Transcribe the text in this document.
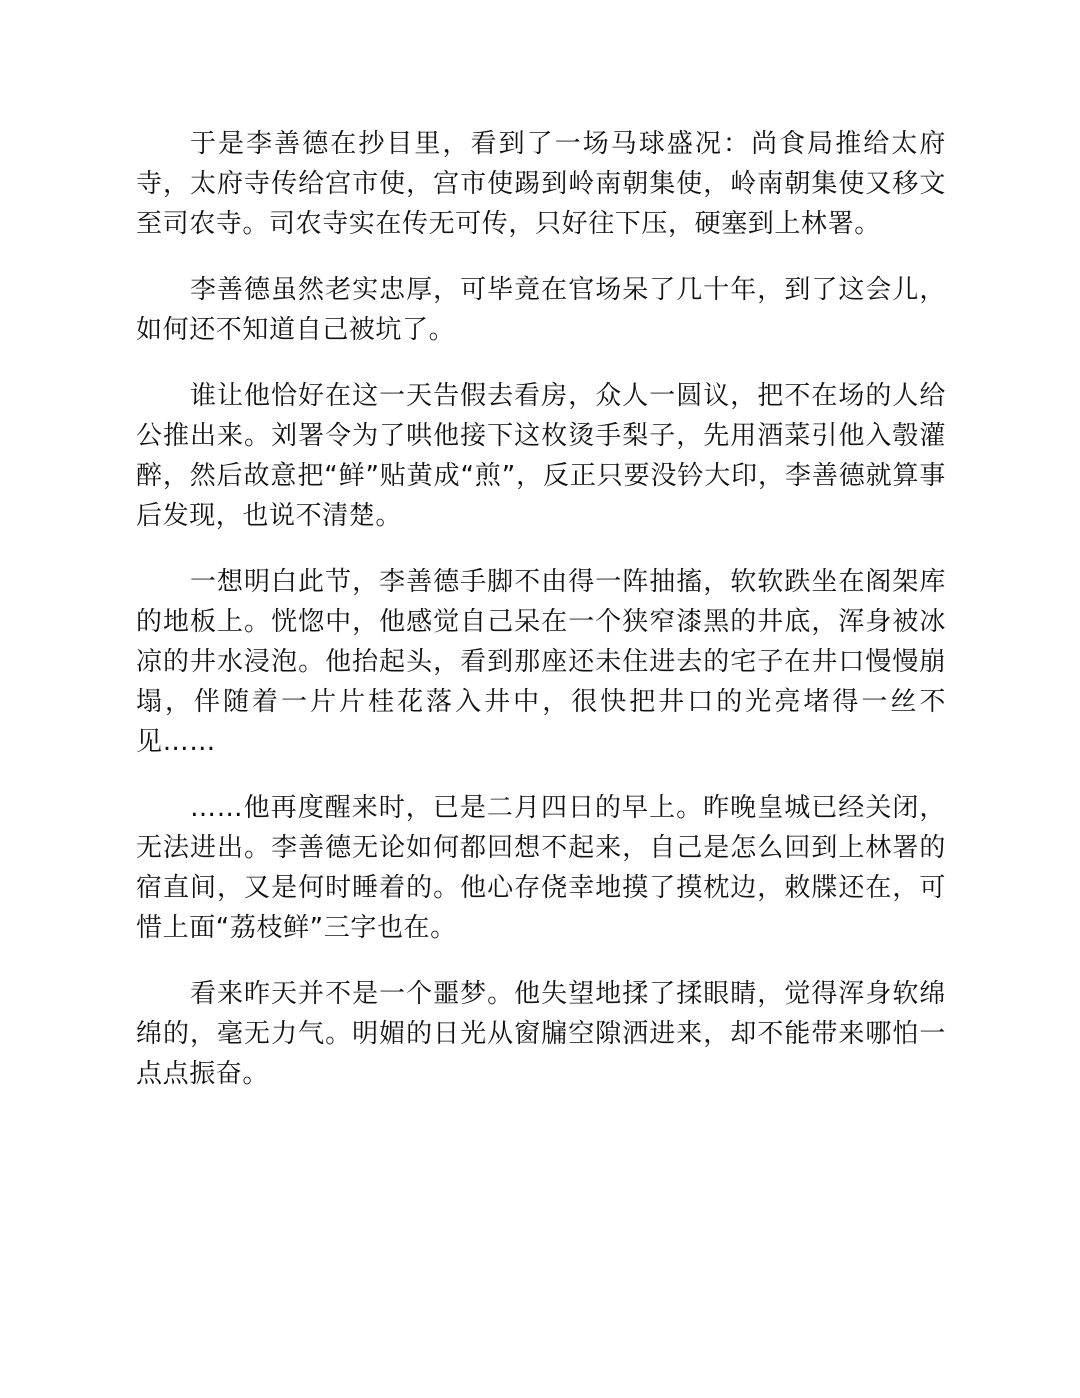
于是李善德在抄目里，看到了一场马球盛况：尚食局推给太府寺，太府寺传给宫市使，宫市使踢到岭南朝集使，岭南朝集使又移文至司农寺。司农寺实在传无可传，只好往下压，硬塞到上林署。

李善德虽然老实忠厚，可毕竟在官场呆了几十年，到了这会儿，如何还不知道自己被坑了。

谁让他恰好在这一天告假去看房，众人一圆议，把不在场的人给公推出来。刘署令为了哄他接下这枚烫手梨子，先用酒菜引他入彀灌醉，然后故意把“鲜”贴黄成“煎”，反正只要没钤大印，李善德就算事后发现，也说不清楚。

一想明白此节，李善德手脚不由得一阵抽搐，软软跌坐在阁架库的地板上。恍惚中，他感觉自己呆在一个狭窄漆黑的井底，浑身被冰凉的井水浸泡。他抬起头，看到那座还未住进去的宅子在井口慢慢崩塌，伴随着一片片桂花落入井中，很快把井口的光亮堵得一丝不见……

……他再度醒来时，已是二月四日的早上。昨晚皇城已经关闭，无法进出。李善德无论如何都回想不起来，自己是怎么回到上林署的宿直间，又是何时睡着的。他心存侥幸地摸了摸枕边，敕牒还在，可惜上面“荔枝鲜”三字也在。

看来昨天并不是一个噩梦。他失望地揉了揉眼睛，觉得浑身软绵绵的，毫无力气。明媚的日光从窗牖空隙洒进来，却不能带来哪怕一点点振奋。
